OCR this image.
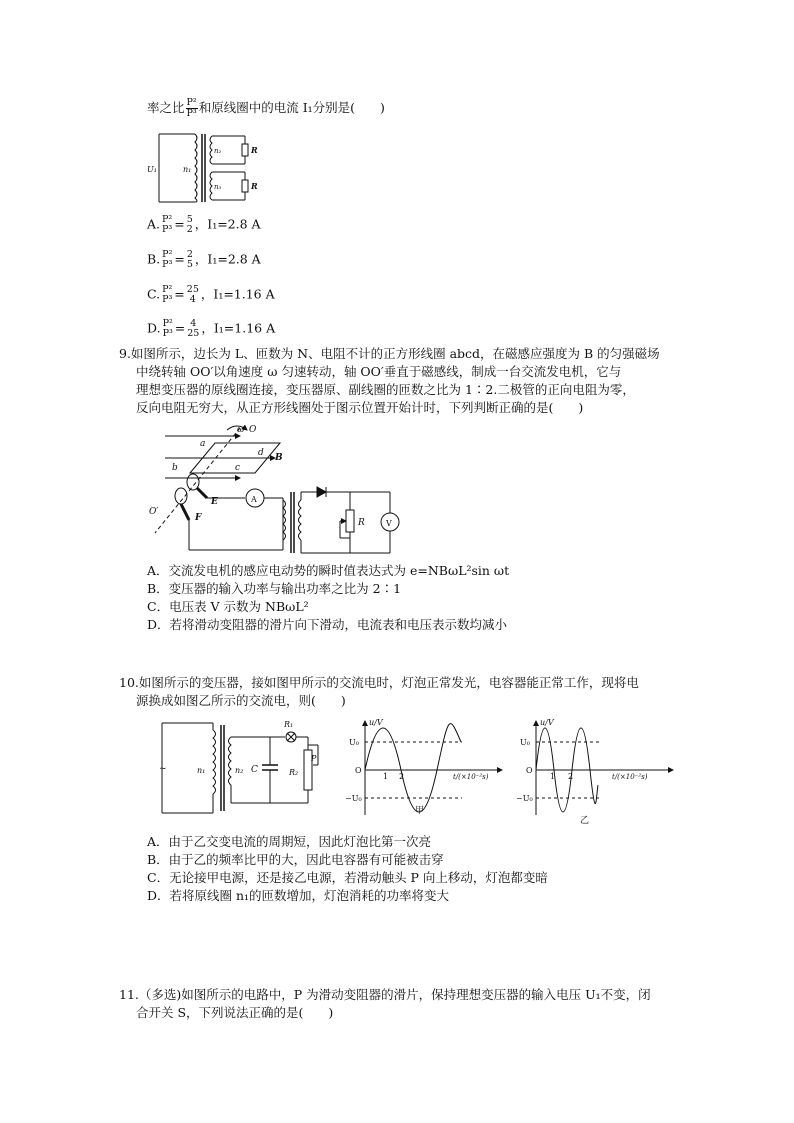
率之比 $\frac{\text{P²}}{\text{P³}}$ 和原线圈中的电流 I₁分别是(　　)
U₁	n₁
n₂
n₃
R
R
A. P²
P³ = 5
2 ，I₁=2.8 A
B. P²
P³ = 2
5 ，I₁=2.8 A
C. P²
P³ = 25
4 ，I₁=1.16 A
D. P²
P³ = 4
25 ，I₁=1.16 A
9.如图所示，边长为 L、匝数为 N、电阻不计的正方形线圈 abcd，在磁感应强度为 B 的匀强磁场
中绕转轴 OO′以角速度 ω 匀速转动，轴 OO′垂直于磁感线，制成一台交流发电机，它与
理想变压器的原线圈连接，变压器原、副线圈的匝数之比为 1∶2.二极管的正向电阻为零，
反向电阻无穷大，从正方形线圈处于图示位置开始计时，下列判断正确的是(　　)
ω O
a
b	c
d B
E
F
O′
A
R	V
A．交流发电机的感应电动势的瞬时值表达式为 e=NBωL²sin ωt
B．变压器的输入功率与输出功率之比为 2∶1
C．电压表 V 示数为 NBωL²
D．若将滑动变阻器的滑片向下滑动，电流表和电压表示数均减小
10.如图所示的变压器，接如图甲所示的交流电时，灯泡正常发光，电容器能正常工作，现将电
源换成如图乙所示的交流电，则(　　)
~	n₁	n₂ C
R₁
R₂
P
u/V
U₀
−U₀
O
1 2	t/(×10⁻²s)
甲
u/V
U₀
−U₀
O
1 2	t/(×10⁻²s)
乙
A．由于乙交变电流的周期短，因此灯泡比第一次亮
B．由于乙的频率比甲的大，因此电容器有可能被击穿
C．无论接甲电源，还是接乙电源，若滑动触头 P 向上移动，灯泡都变暗
D．若将原线圈 n₁的匝数增加，灯泡消耗的功率将变大
11.（多选)如图所示的电路中，P 为滑动变阻器的滑片，保持理想变压器的输入电压 U₁不变，闭
合开关 S，下列说法正确的是(　　)
